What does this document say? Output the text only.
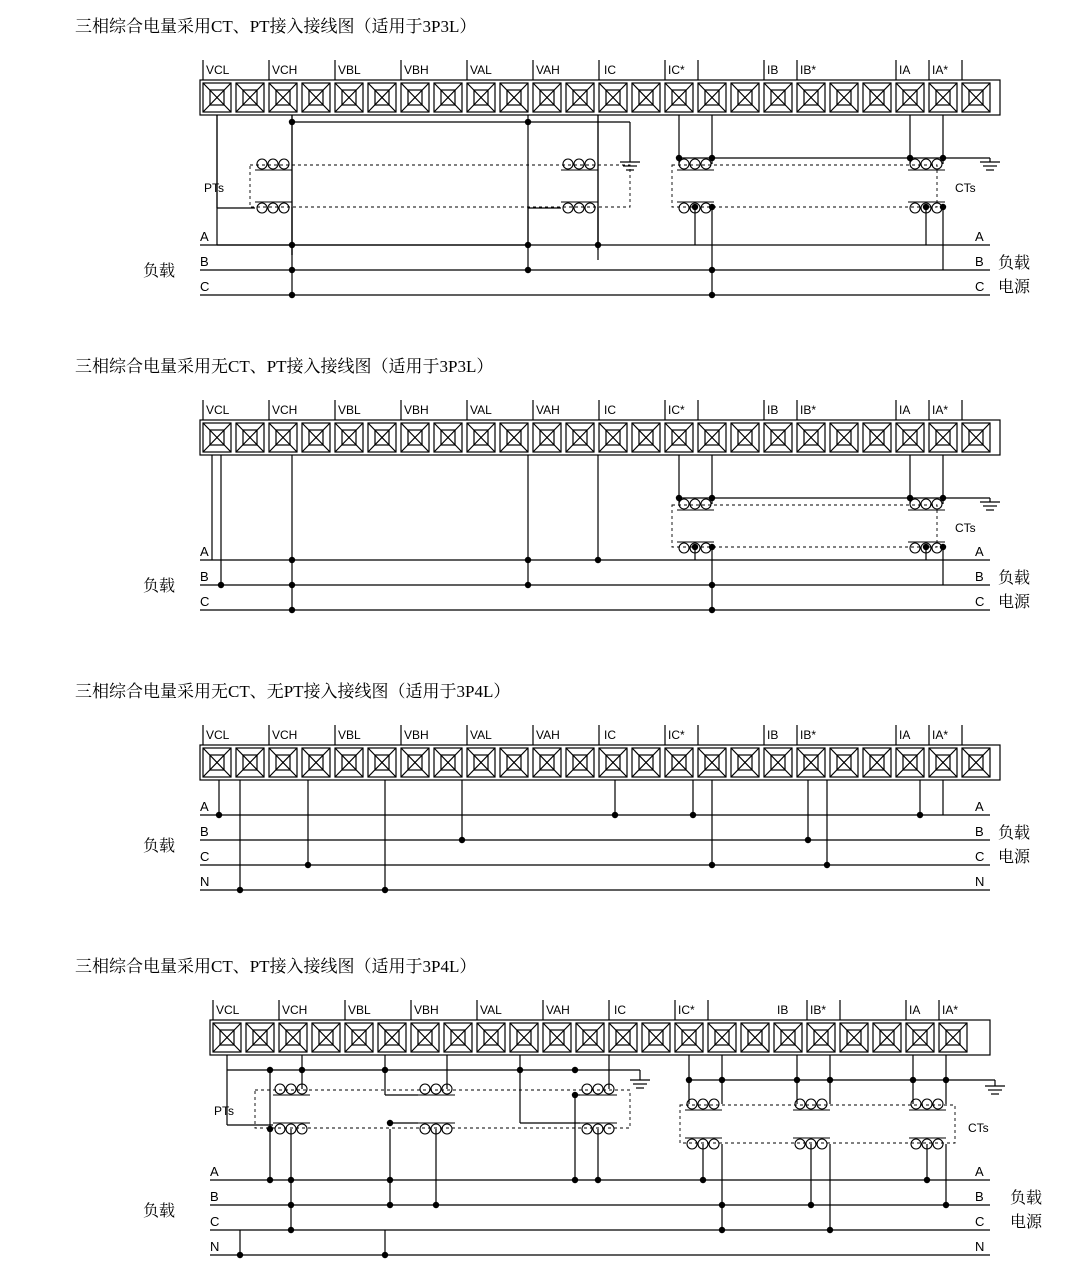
三相综合电量采用CT、PT接入接线图（适用于3P3L）
VCL	VCH	VBL	VBH	VAL	VAH	IC	IC*	IB IB*	IA IA*
PTs	CTs
A
B
C
A
B
C
负载	负载
电源
三相综合电量采用无CT、PT接入接线图（适用于3P3L）
VCL	VCH	VBL	VBH	VAL	VAH	IC	IC*	IB IB*	IA IA*
CTs
A
B
C
A
B
C
负载	负载
电源
三相综合电量采用无CT、无PT接入接线图（适用于3P4L）
VCL	VCH	VBL	VBH	VAL	VAH	IC	IC*	IB IB*	IA IA*
A
B
C
N
A
B
C
N
负载
负载
电源
三相综合电量采用CT、PT接入接线图（适用于3P4L）
VCL	VCH	VBL	VBH	VAL	VAH	IC	IC*	IB IB*	IA IA*
PTs
CTs
A
B
C
N
A
B
C
N
负载
负载
电源
